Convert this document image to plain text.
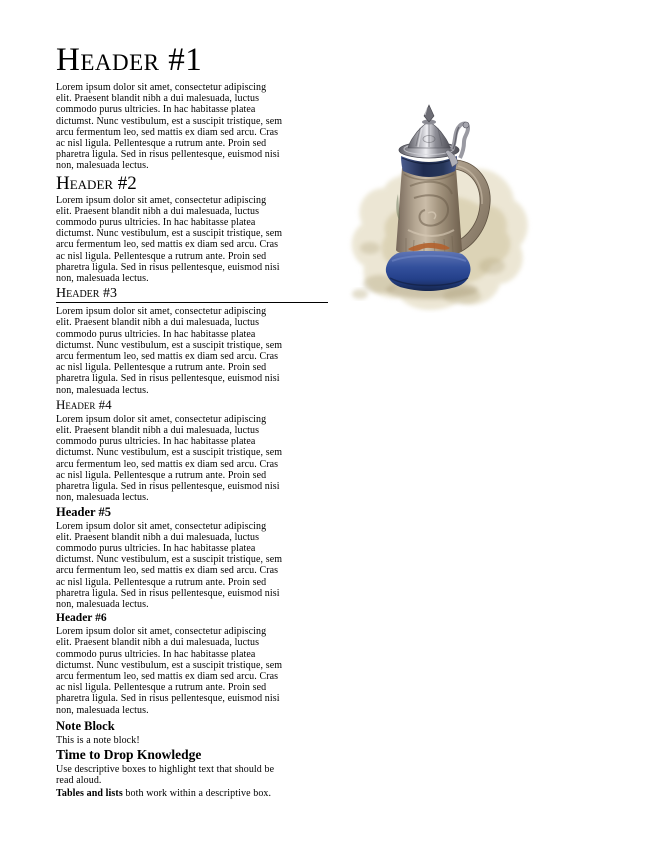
Header #1
Lorem ipsum dolor sit amet, consectetur adipiscing
elit. Praesent blandit nibh a dui malesuada, luctus
commodo purus ultricies. In hac habitasse platea
dictumst. Nunc vestibulum, est a suscipit tristique, sem
arcu fermentum leo, sed mattis ex diam sed arcu. Cras
ac nisl ligula. Pellentesque a rutrum ante. Proin sed
pharetra ligula. Sed in risus pellentesque, euismod nisi
non, malesuada lectus.
Header #2
Lorem ipsum dolor sit amet, consectetur adipiscing
elit. Praesent blandit nibh a dui malesuada, luctus
commodo purus ultricies. In hac habitasse platea
dictumst. Nunc vestibulum, est a suscipit tristique, sem
arcu fermentum leo, sed mattis ex diam sed arcu. Cras
ac nisl ligula. Pellentesque a rutrum ante. Proin sed
pharetra ligula. Sed in risus pellentesque, euismod nisi
non, malesuada lectus.
Header #3
Lorem ipsum dolor sit amet, consectetur adipiscing
elit. Praesent blandit nibh a dui malesuada, luctus
commodo purus ultricies. In hac habitasse platea
dictumst. Nunc vestibulum, est a suscipit tristique, sem
arcu fermentum leo, sed mattis ex diam sed arcu. Cras
ac nisl ligula. Pellentesque a rutrum ante. Proin sed
pharetra ligula. Sed in risus pellentesque, euismod nisi
non, malesuada lectus.
Header #4
Lorem ipsum dolor sit amet, consectetur adipiscing
elit. Praesent blandit nibh a dui malesuada, luctus
commodo purus ultricies. In hac habitasse platea
dictumst. Nunc vestibulum, est a suscipit tristique, sem
arcu fermentum leo, sed mattis ex diam sed arcu. Cras
ac nisl ligula. Pellentesque a rutrum ante. Proin sed
pharetra ligula. Sed in risus pellentesque, euismod nisi
non, malesuada lectus.
Header #5
Lorem ipsum dolor sit amet, consectetur adipiscing
elit. Praesent blandit nibh a dui malesuada, luctus
commodo purus ultricies. In hac habitasse platea
dictumst. Nunc vestibulum, est a suscipit tristique, sem
arcu fermentum leo, sed mattis ex diam sed arcu. Cras
ac nisl ligula. Pellentesque a rutrum ante. Proin sed
pharetra ligula. Sed in risus pellentesque, euismod nisi
non, malesuada lectus.
Header #6
Lorem ipsum dolor sit amet, consectetur adipiscing
elit. Praesent blandit nibh a dui malesuada, luctus
commodo purus ultricies. In hac habitasse platea
dictumst. Nunc vestibulum, est a suscipit tristique, sem
arcu fermentum leo, sed mattis ex diam sed arcu. Cras
ac nisl ligula. Pellentesque a rutrum ante. Proin sed
pharetra ligula. Sed in risus pellentesque, euismod nisi
non, malesuada lectus.
Note Block
This is a note block!
Time to Drop Knowledge
Use descriptive boxes to highlight text that should be
read aloud.
Tables and lists both work within a descriptive box.
